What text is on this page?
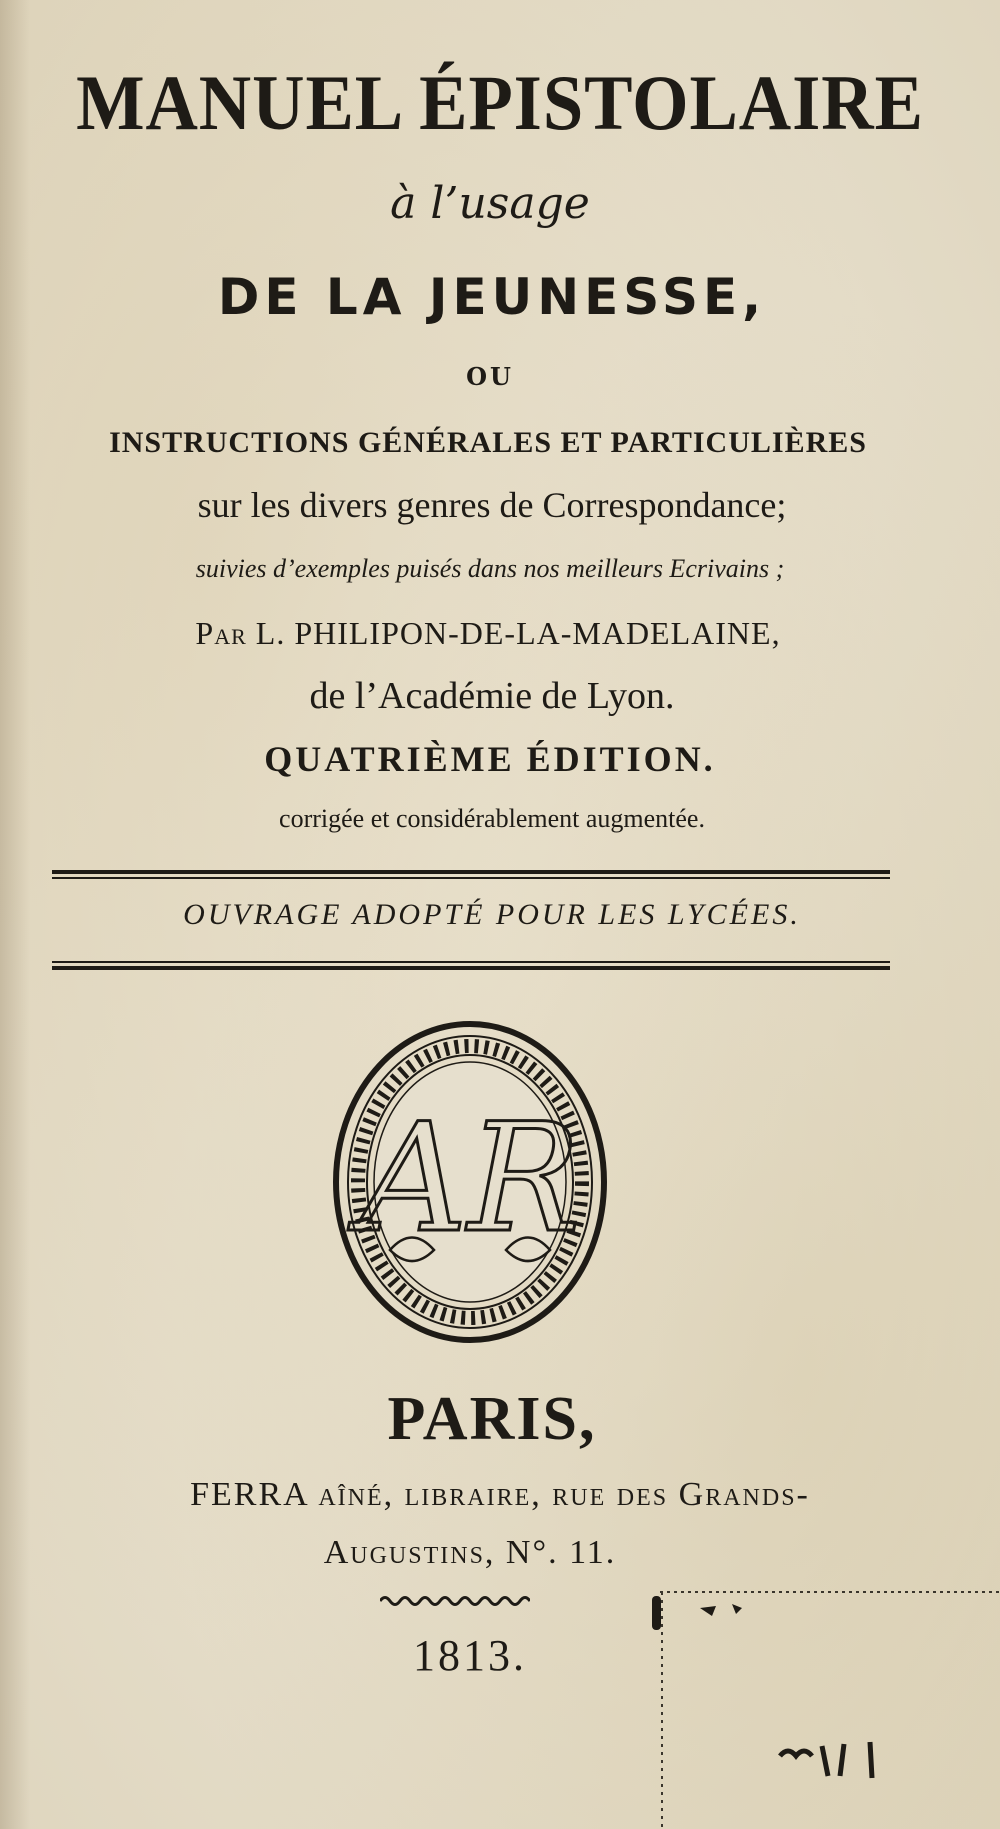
MANUEL ÉPISTOLAIRE
à l’usage
DE LA JEUNESSE,
OU
INSTRUCTIONS GÉNÉRALES ET PARTICULIÈRES
sur les divers genres de Correspondance;
suivies d’exemples puisés dans nos meilleurs Ecrivains ;
Par L. PHILIPON-DE-LA-MADELAINE,
de l’Académie de Lyon.
QUATRIÈME ÉDITION.
corrigée et considérablement augmentée.
OUVRAGE ADOPTÉ POUR LES LYCÉES.
AR
PARIS,
FERRA aîné, libraire, rue des Grands-
Augustins, N°. 11.
1813.
